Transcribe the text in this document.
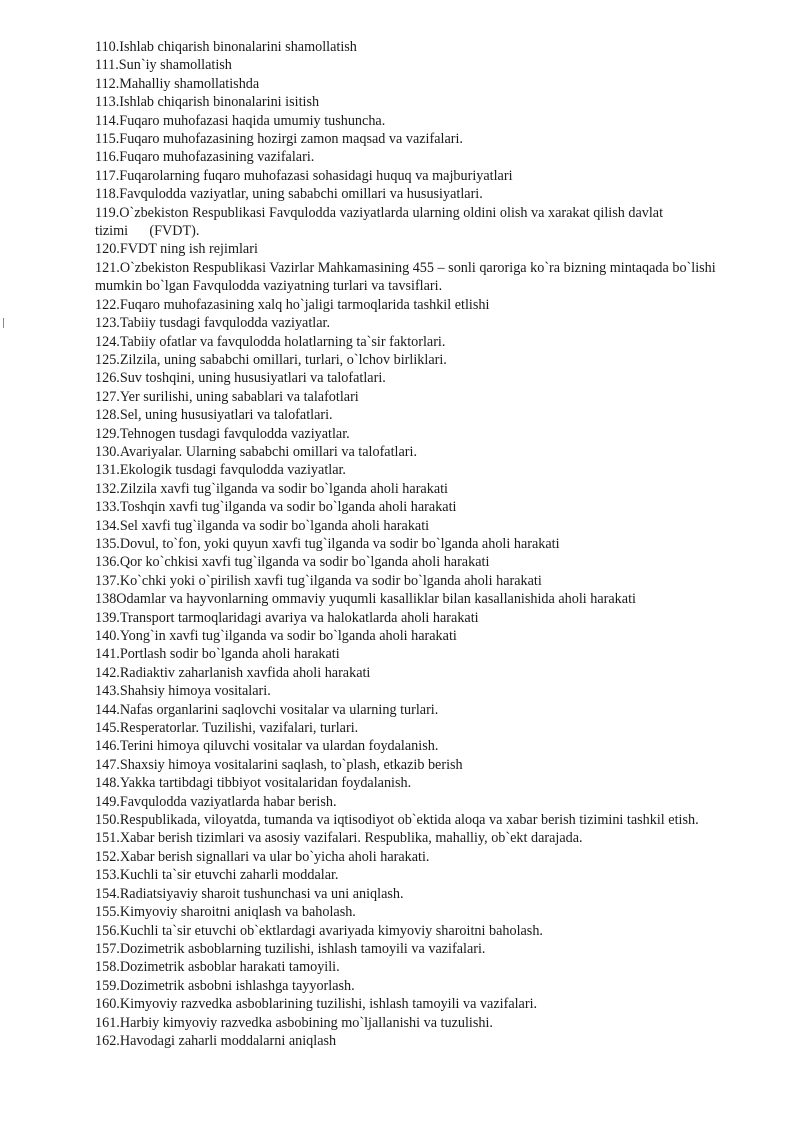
110.Ishlab chiqarish binonalarini shamollatish
111.Sun`iy shamollatish
112.Mahalliy shamollatishda
113.Ishlab chiqarish binonalarini isitish
114.Fuqaro muhofazasi haqida umumiy tushuncha.
115.Fuqaro muhofazasining hozirgi zamon maqsad va vazifalari.
116.Fuqaro muhofazasining vazifalari.
117.Fuqarolarning fuqaro muhofazasi sohasidagi huquq va majburiyatlari
118.Favqulodda vaziyatlar, uning sababchi omillari va hususiyatlari.
119.O`zbekiston Respublikasi Favqulodda vaziyatlarda ularning oldini olish va xarakat qilish davlat tizimi      (FVDT).
120.FVDT ning ish rejimlari
121.O`zbekiston Respublikasi Vazirlar Mahkamasining 455 – sonli qaroriga ko`ra bizning mintaqada bo`lishi mumkin bo`lgan Favqulodda vaziyatning turlari va tavsiflari.
122.Fuqaro muhofazasining xalq ho`jaligi tarmoqlarida tashkil etlishi
123.Tabiiy tusdagi favqulodda vaziyatlar.
124.Tabiiy ofatlar va favqulodda holatlarning ta`sir faktorlari.
125.Zilzila, uning sababchi omillari, turlari, o`lchov birliklari.
126.Suv toshqini, uning hususiyatlari va talofatlari.
127.Yer surilishi, uning sabablari va talafotlari
128.Sel, uning hususiyatlari va talofatlari.
129.Tehnogen tusdagi favqulodda vaziyatlar.
130.Avariyalar. Ularning sababchi omillari va talofatlari.
131.Ekologik tusdagi favqulodda vaziyatlar.
132.Zilzila xavfi tug`ilganda va sodir bo`lganda aholi harakati
133.Toshqin xavfi tug`ilganda va sodir bo`lganda aholi harakati
134.Sel xavfi tug`ilganda va sodir bo`lganda aholi harakati
135.Dovul, to`fon, yoki quyun xavfi tug`ilganda va sodir bo`lganda aholi harakati
136.Qor ko`chkisi xavfi tug`ilganda va sodir bo`lganda aholi harakati
137.Ko`chki yoki o`pirilish xavfi tug`ilganda va sodir bo`lganda aholi harakati
138Odamlar va hayvonlarning ommaviy yuqumli kasalliklar bilan kasallanishida aholi harakati
139.Transport tarmoqlaridagi avariya va halokatlarda aholi harakati
140.Yong`in xavfi tug`ilganda va sodir bo`lganda aholi harakati
141.Portlash sodir bo`lganda aholi harakati
142.Radiaktiv zaharlanish xavfida aholi harakati
143.Shahsiy himoya vositalari.
144.Nafas organlarini saqlovchi vositalar va ularning turlari.
145.Resperatorlar. Tuzilishi, vazifalari, turlari.
146.Terini himoya qiluvchi vositalar va ulardan foydalanish.
147.Shaxsiy himoya vositalarini saqlash, to`plash, etkazib berish
148.Yakka tartibdagi tibbiyot vositalaridan foydalanish.
149.Favqulodda vaziyatlarda habar berish.
150.Respublikada, viloyatda, tumanda va iqtisodiyot ob`ektida aloqa va xabar berish tizimini tashkil etish.
151.Xabar berish tizimlari va asosiy vazifalari. Respublika, mahalliy, ob`ekt darajada.
152.Xabar berish signallari va ular bo`yicha aholi harakati.
153.Kuchli ta`sir etuvchi zaharli moddalar.
154.Radiatsiyaviy sharoit tushunchasi va uni aniqlash.
155.Kimyoviy sharoitni aniqlash va baholash.
156.Kuchli ta`sir etuvchi ob`ektlardagi avariyada kimyoviy sharoitni baholash.
157.Dozimetrik asboblarning tuzilishi, ishlash tamoyili va vazifalari.
158.Dozimetrik asboblar harakati tamoyili.
159.Dozimetrik asbobni ishlashga tayyorlash.
160.Kimyoviy razvedka asboblarining tuzilishi, ishlash tamoyili va vazifalari.
161.Harbiy kimyoviy razvedka asbobining mo`ljallanishi va tuzulishi.
162.Havodagi zaharli moddalarni aniqlash
